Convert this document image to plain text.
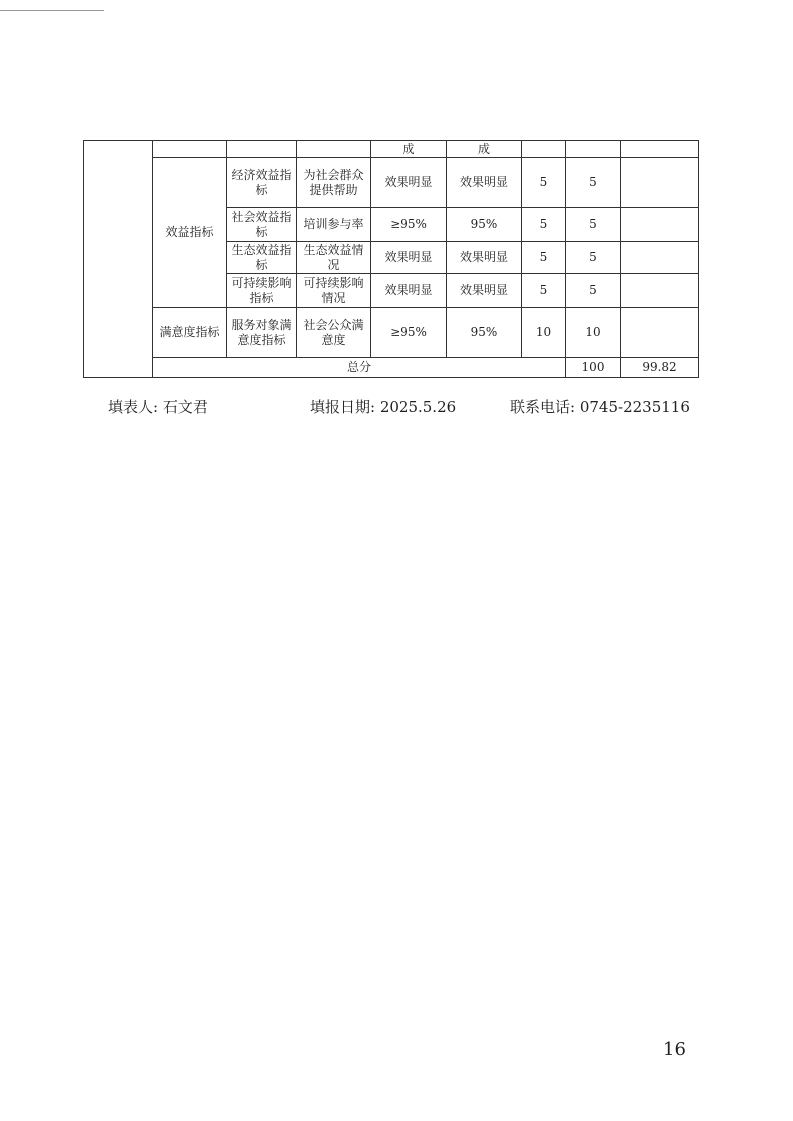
				成	成				
	效益指标	经济效益指标	为社会群众提供帮助	效果明显	效果明显	5	5		
		社会效益指标	培训参与率	≥95%	95%	5	5		
		生态效益指标	生态效益情况	效果明显	效果明显	5	5		
		可持续影响指标	可持续影响情况	效果明显	效果明显	5	5		
	满意度指标	服务对象满意度指标	社会公众满意度	≥95%	95%	10	10		
	总分						100	99.82	
填表人: 石文君	填报日期: 2025.5.26	联系电话: 0745-2235116
16
